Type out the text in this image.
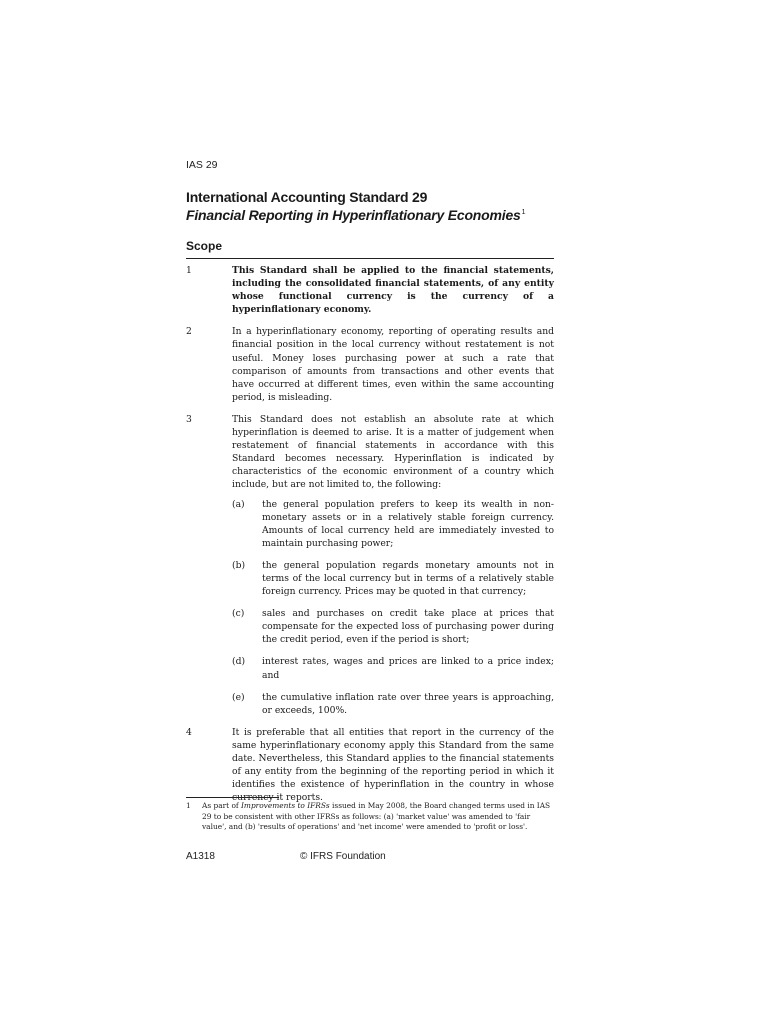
IAS 29
International Accounting Standard 29
Financial Reporting in Hyperinflationary Economies$^1$
Scope
1	This Standard shall be applied to the financial statements, including the consolidated financial statements, of any entity whose functional currency is the currency of a hyperinflationary economy.
2	In a hyperinflationary economy, reporting of operating results and financial position in the local currency without restatement is not useful. Money loses purchasing power at such a rate that comparison of amounts from transactions and other events that have occurred at different times, even within the same accounting period, is misleading.
3	This Standard does not establish an absolute rate at which hyperinflation is deemed to arise. It is a matter of judgement when restatement of financial statements in accordance with this Standard becomes necessary. Hyperinflation is indicated by characteristics of the economic environment of a country which include, but are not limited to, the following:
(a)	the general population prefers to keep its wealth in non-monetary assets or in a relatively stable foreign currency. Amounts of local currency held are immediately invested to maintain purchasing power;
(b)	the general population regards monetary amounts not in terms of the local currency but in terms of a relatively stable foreign currency. Prices may be quoted in that currency;
(c)	sales and purchases on credit take place at prices that compensate for the expected loss of purchasing power during the credit period, even if the period is short;
(d)	interest rates, wages and prices are linked to a price index; and
(e)	the cumulative inflation rate over three years is approaching, or exceeds, 100%.
4	It is preferable that all entities that report in the currency of the same hyperinflationary economy apply this Standard from the same date. Nevertheless, this Standard applies to the financial statements of any entity from the beginning of the reporting period in which it identifies the existence of hyperinflation in the country in whose currency it reports.
1 As part of Improvements to IFRSs issued in May 2008, the Board changed terms used in IAS 29 to be consistent with other IFRSs as follows: (a) 'market value' was amended to 'fair value', and (b) 'results of operations' and 'net income' were amended to 'profit or loss'.
A1318	© IFRS Foundation
